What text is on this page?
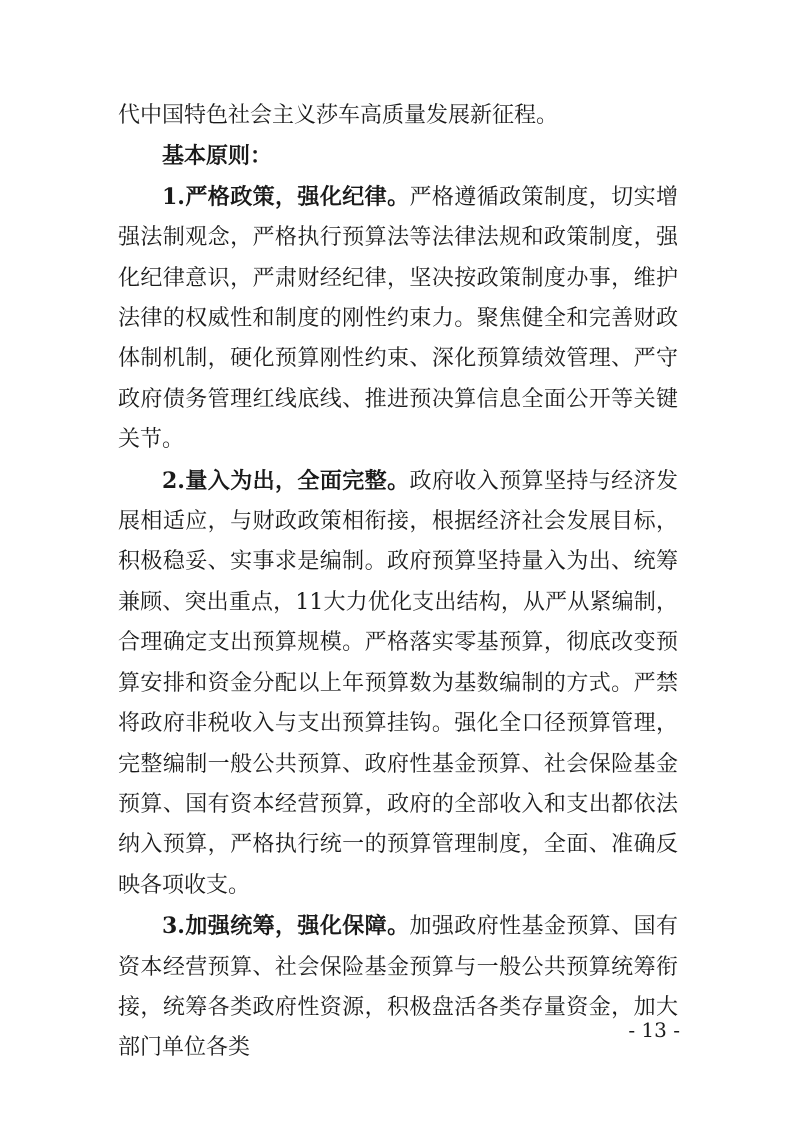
代中国特色社会主义莎车高质量发展新征程。

基本原则：

1.严格政策，强化纪律。严格遵循政策制度，切实增强法制观念，严格执行预算法等法律法规和政策制度，强化纪律意识，严肃财经纪律，坚决按政策制度办事，维护法律的权威性和制度的刚性约束力。聚焦健全和完善财政体制机制，硬化预算刚性约束、深化预算绩效管理、严守政府债务管理红线底线、推进预决算信息全面公开等关键关节。

2.量入为出，全面完整。政府收入预算坚持与经济发展相适应，与财政政策相衔接，根据经济社会发展目标，积极稳妥、实事求是编制。政府预算坚持量入为出、统筹兼顾、突出重点，11大力优化支出结构，从严从紧编制，合理确定支出预算规模。严格落实零基预算，彻底改变预算安排和资金分配以上年预算数为基数编制的方式。严禁将政府非税收入与支出预算挂钩。强化全口径预算管理，完整编制一般公共预算、政府性基金预算、社会保险基金预算、国有资本经营预算，政府的全部收入和支出都依法纳入预算，严格执行统一的预算管理制度，全面、准确反映各项收支。

3.加强统筹，强化保障。加强政府性基金预算、国有资本经营预算、社会保险基金预算与一般公共预算统筹衔接，统筹各类政府性资源，积极盘活各类存量资金，加大部门单位各类

- 13 -
